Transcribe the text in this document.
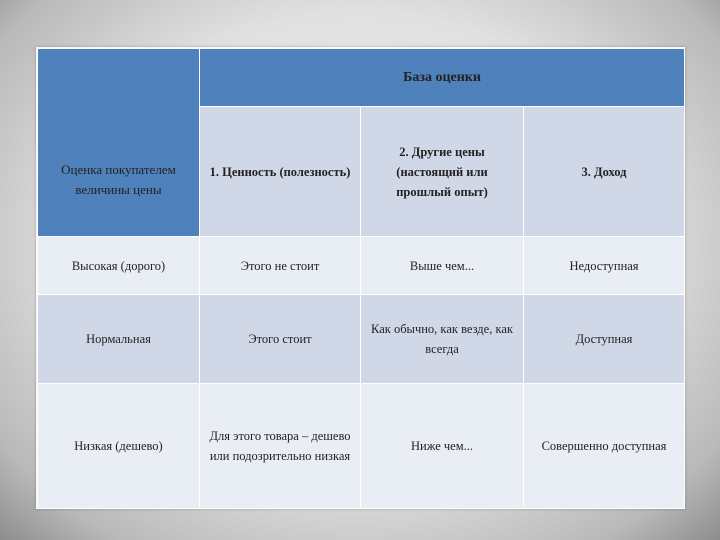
Оценка покупателем величины цены	База оценки		
	1. Ценность (полезность)	2. Другие цены (настоящий или прошлый опыт)	3. Доход
Высокая (дорого)	Этого не стоит	Выше чем...	Недоступная
Нормальная	Этого стоит	Как обычно, как везде, как всегда	Доступная
Низкая (дешево)	Для этого товара – дешево или подозрительно низкая	Ниже чем...	Совершенно доступная
